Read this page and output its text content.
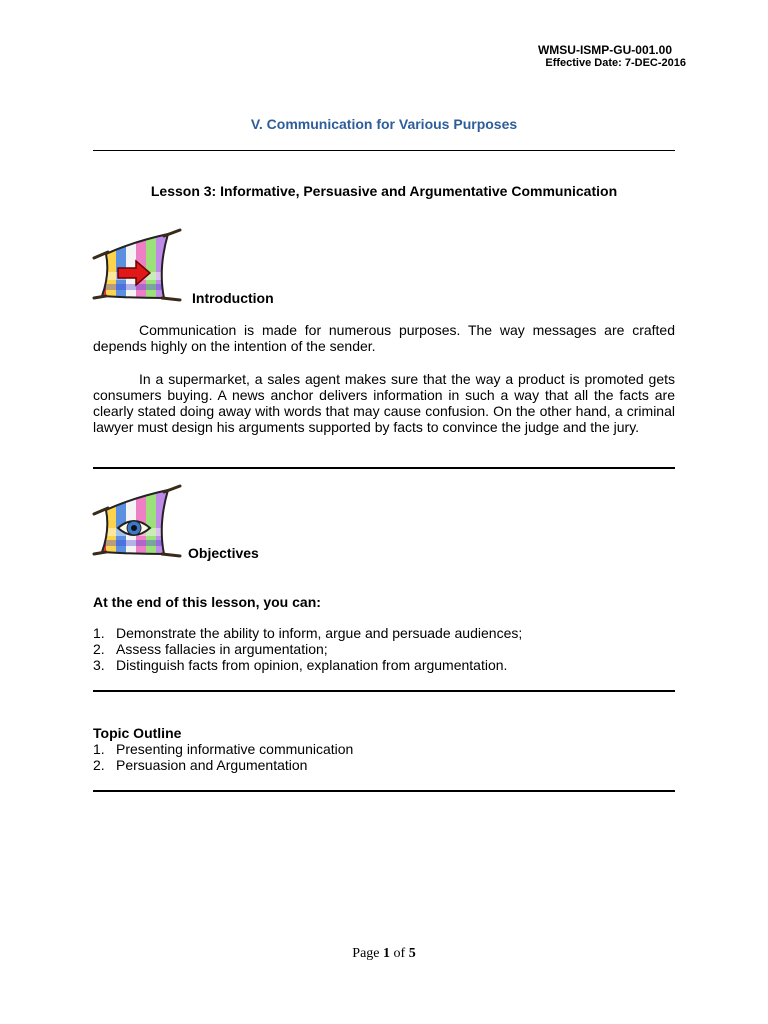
WMSU-ISMP-GU-001.00
Effective Date: 7-DEC-2016
V. Communication for Various Purposes
Lesson 3: Informative, Persuasive and Argumentative Communication
Introduction

Communication is made for numerous purposes. The way messages are crafted depends highly on the intention of the sender.

In a supermarket, a sales agent makes sure that the way a product is promoted gets consumers buying. A news anchor delivers information in such a way that all the facts are clearly stated doing away with words that may cause confusion. On the other hand, a criminal lawyer must design his arguments supported by facts to convince the judge and the jury.

Objectives
At the end of this lesson, you can:
1. Demonstrate the ability to inform, argue and persuade audiences;
2. Assess fallacies in argumentation;
3. Distinguish facts from opinion, explanation from argumentation.
Topic Outline
1. Presenting informative communication
2. Persuasion and Argumentation
Page 1 of 5
